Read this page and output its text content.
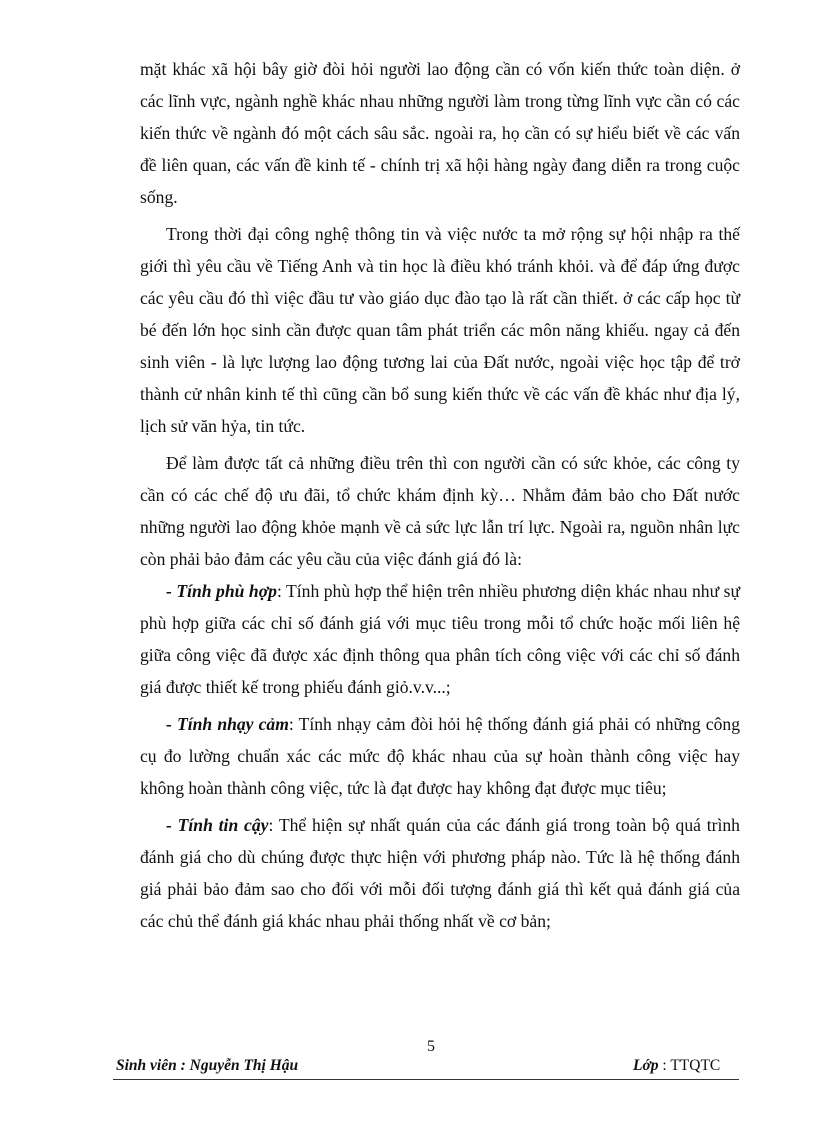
mặt khác xã hội bây giờ đòi hỏi người lao động cần có vốn kiến thức toàn diện. ở các lĩnh vực, ngành nghề khác nhau những người làm trong từng lĩnh vực cần có các kiến thức về ngành đó một cách sâu sắc. ngoài ra, họ cần có sự hiểu biết về các vấn đề liên quan, các vấn đề kinh tế - chính trị xã hội hàng ngày đang diễn ra trong cuộc sống.

Trong thời đại công nghệ thông tin và việc nước ta mở rộng sự hội nhập ra thế giới thì yêu cầu về Tiếng Anh và tin học là điều khó tránh khỏi. và để đáp ứng được các yêu cầu đó thì việc đầu tư vào giáo dục đào tạo là rất cần thiết. ở các cấp học từ bé đến lớn học sinh cần được quan tâm phát triển các môn năng khiếu. ngay cả đến sinh viên - là lực lượng lao động tương lai của Đất nước, ngoài việc học tập để trở thành cử nhân kinh tế thì cũng cần bổ sung kiến thức về các vấn đề khác như địa lý, lịch sử văn hỷa, tin tức.

Để làm được tất cả những điều trên thì con người cần có sức khỏe, các công ty cần có các chế độ ưu đãi, tổ chức khám định kỳ… Nhằm đảm bảo cho Đất nước những người lao động khỏe mạnh về cả sức lực lẫn trí lực. Ngoài ra, nguồn nhân lực còn phải bảo đảm các yêu cầu của việc đánh giá đó là:

- Tính phù hợp: Tính phù hợp thể hiện trên nhiều phương diện khác nhau như sự phù hợp giữa các chỉ số đánh giá với mục tiêu trong mỗi tổ chức hoặc mối liên hệ giữa công việc đã được xác định thông qua phân tích công việc với các chỉ số đánh giá được thiết kế trong phiếu đánh giỏ.v.v...;

- Tính nhạy cảm: Tính nhạy cảm đòi hỏi hệ thống đánh giá phải có những công cụ đo lường chuẩn xác các mức độ khác nhau của sự hoàn thành công việc hay không hoàn thành công việc, tức là đạt được hay không đạt được mục tiêu;

- Tính tin cậy: Thể hiện sự nhất quán của các đánh giá trong toàn bộ quá trình đánh giá cho dù chúng được thực hiện với phương pháp nào. Tức là hệ thống đánh giá phải bảo đảm sao cho đối với mỗi đối tượng đánh giá thì kết quả đánh giá của các chủ thể đánh giá khác nhau phải thống nhất về cơ bản;

5
Sinh viên : Nguyễn Thị Hậu	Lớp : TTQTC
